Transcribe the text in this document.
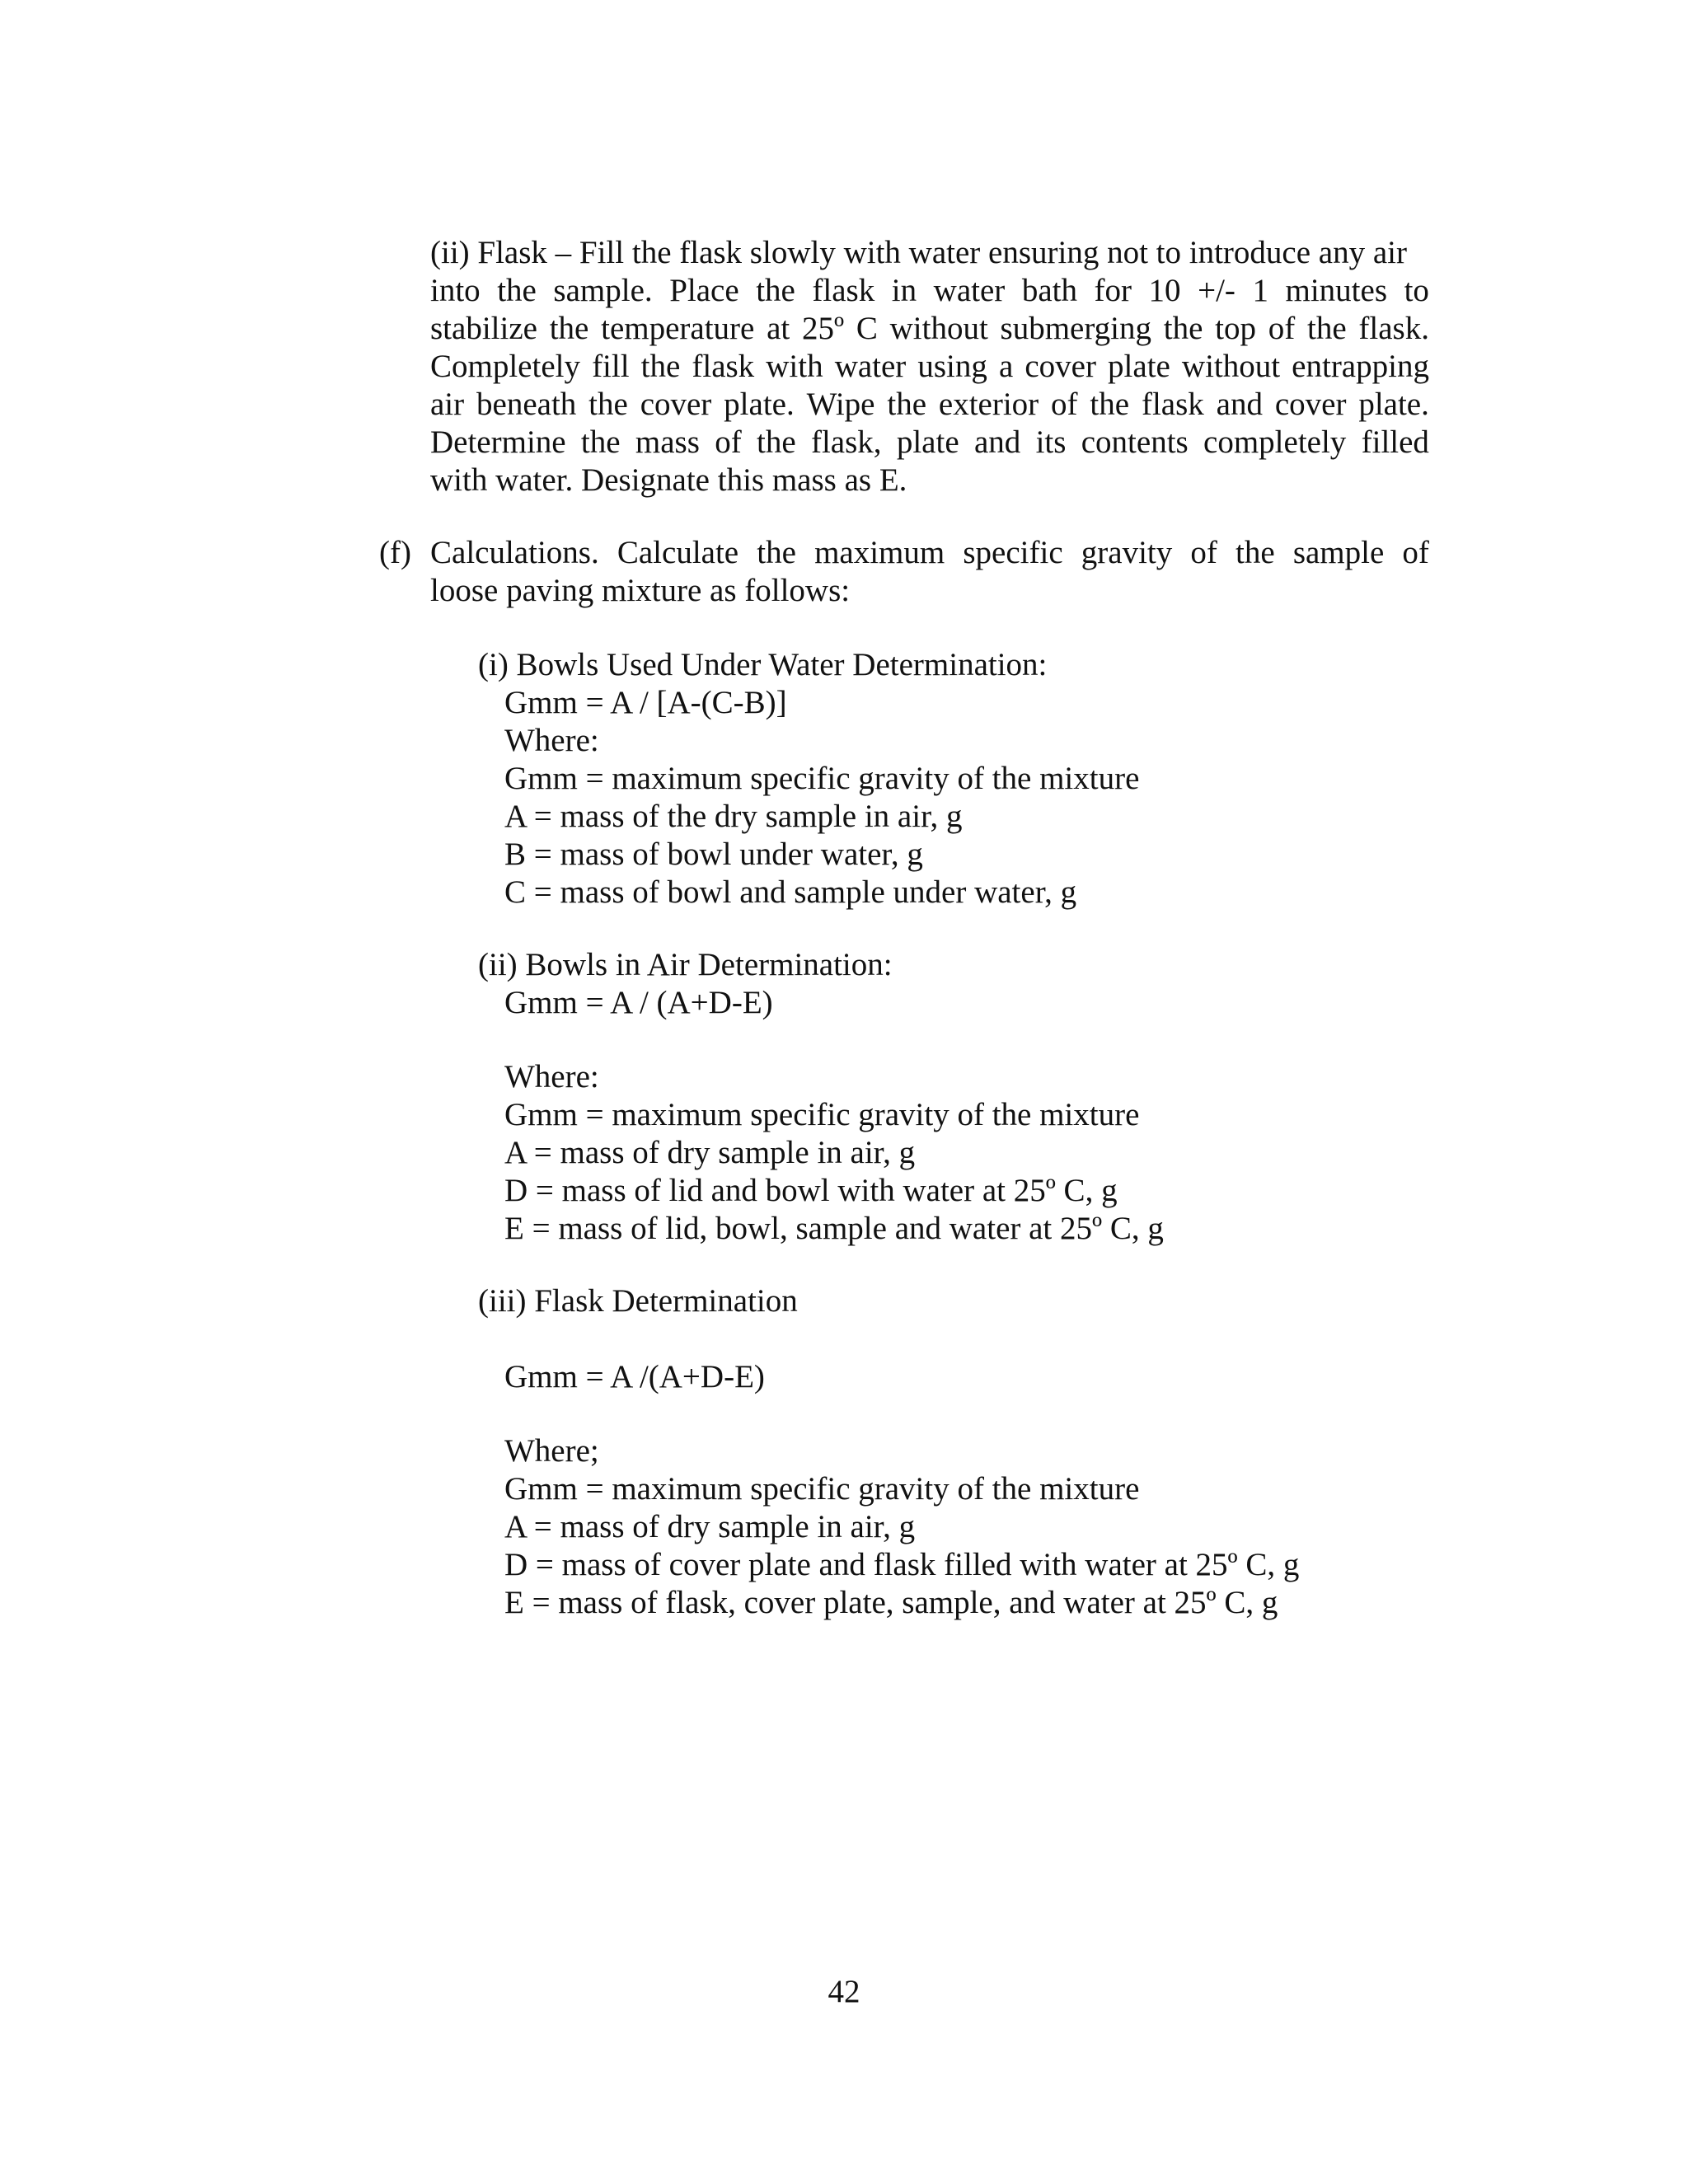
(ii) Flask – Fill the flask slowly with water ensuring not to introduce any air
into the sample. Place the flask in water bath for 10 +/- 1 minutes to
stabilize the temperature at 25º C without submerging the top of the flask.
Completely fill the flask with water using a cover plate without entrapping
air beneath the cover plate. Wipe the exterior of the flask and cover plate.
Determine the mass of the flask, plate and its contents completely filled
with water. Designate this mass as E.
(f) Calculations. Calculate the maximum specific gravity of the sample of
loose paving mixture as follows:
(i) Bowls Used Under Water Determination:
Gmm = A / [A-(C-B)]
Where:
Gmm = maximum specific gravity of the mixture
A = mass of the dry sample in air, g
B = mass of bowl under water, g
C = mass of bowl and sample under water, g
(ii) Bowls in Air Determination:
Gmm = A / (A+D-E)
Where:
Gmm = maximum specific gravity of the mixture
A = mass of dry sample in air, g
D = mass of lid and bowl with water at 25º C, g
E = mass of lid, bowl, sample and water at 25º C, g
(iii) Flask Determination
Gmm = A /(A+D-E)
Where;
Gmm = maximum specific gravity of the mixture
A = mass of dry sample in air, g
D = mass of cover plate and flask filled with water at 25º C, g
E = mass of flask, cover plate, sample, and water at 25º C, g
42
